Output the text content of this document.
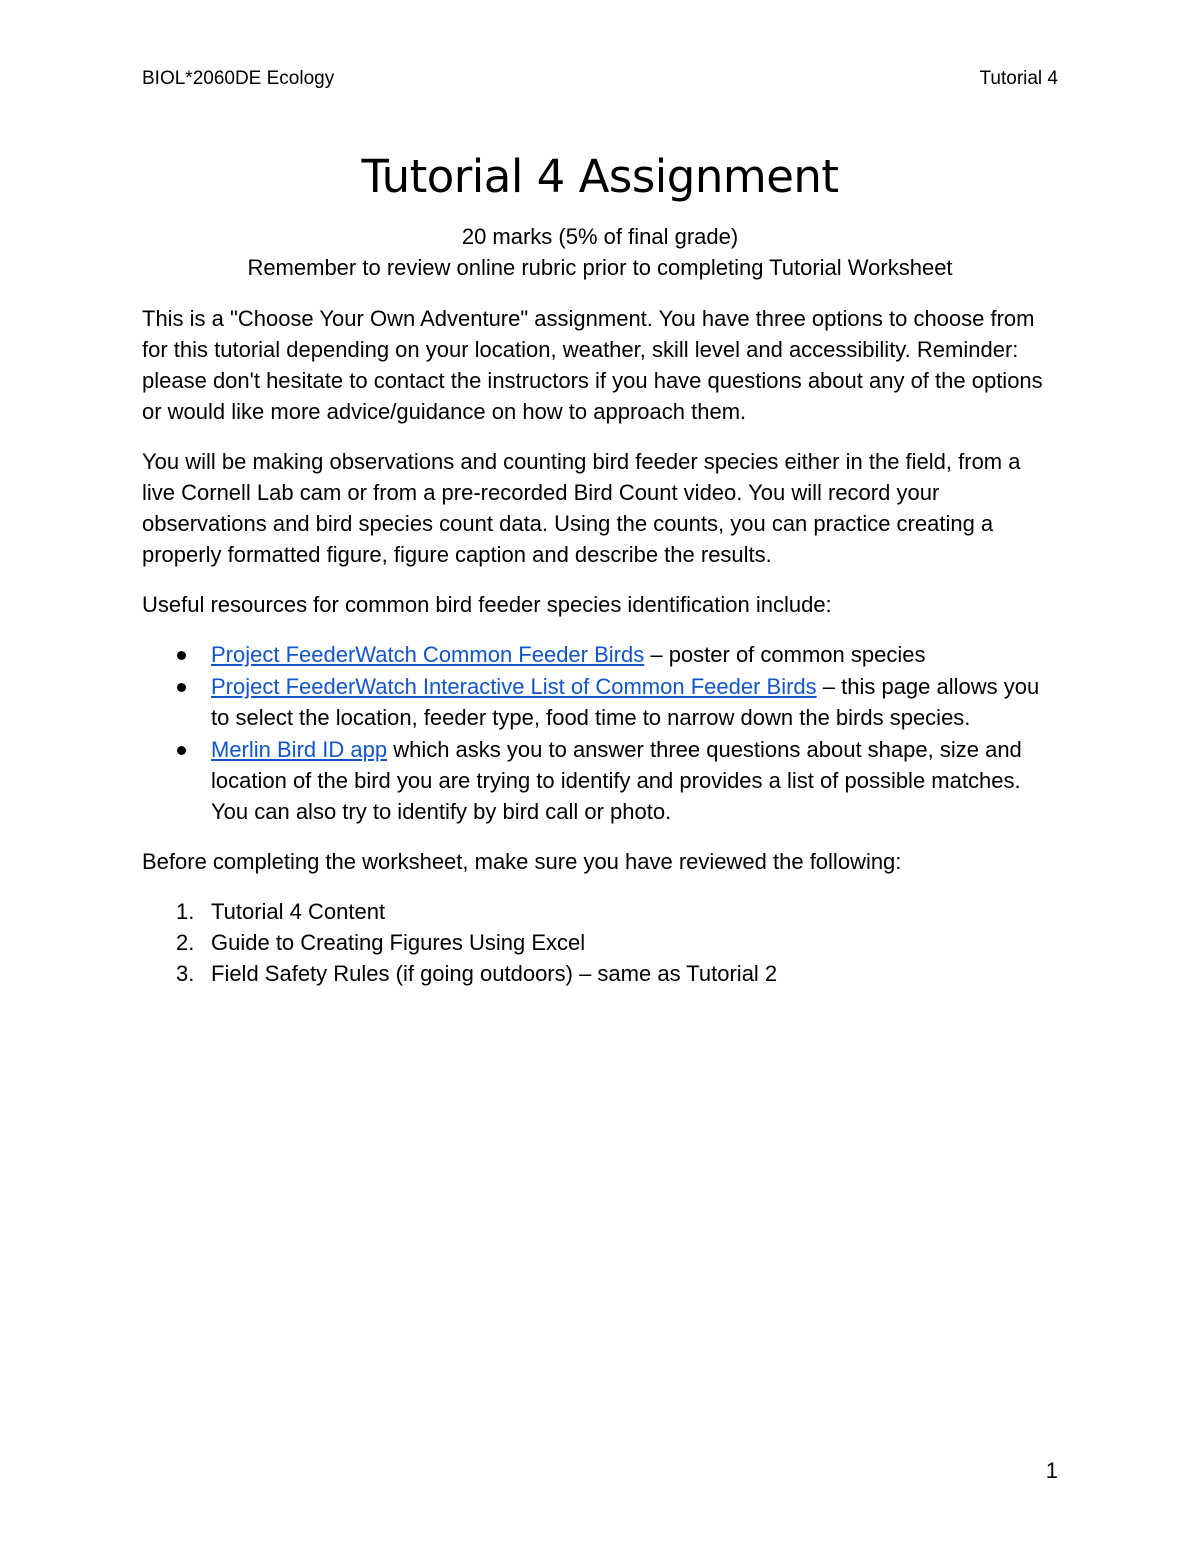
BIOL*2060DE Ecology	Tutorial 4
Tutorial 4 Assignment

20 marks (5% of final grade)

Remember to review online rubric prior to completing Tutorial Worksheet

This is a "Choose Your Own Adventure" assignment. You have three options to choose from for this tutorial depending on your location, weather, skill level and accessibility. Reminder: please don't hesitate to contact the instructors if you have questions about any of the options or would like more advice/guidance on how to approach them.

You will be making observations and counting bird feeder species either in the field, from a live Cornell Lab cam or from a pre-recorded Bird Count video. You will record your observations and bird species count data. Using the counts, you can practice creating a properly formatted figure, figure caption and describe the results.

Useful resources for common bird feeder species identification include:

Project FeederWatch Common Feeder Birds – poster of common species
Project FeederWatch Interactive List of Common Feeder Birds – this page allows you to select the location, feeder type, food time to narrow down the birds species.
Merlin Bird ID app which asks you to answer three questions about shape, size and location of the bird you are trying to identify and provides a list of possible matches. You can also try to identify by bird call or photo.

Before completing the worksheet, make sure you have reviewed the following:

1. Tutorial 4 Content
2. Guide to Creating Figures Using Excel
3. Field Safety Rules (if going outdoors) – same as Tutorial 2
1
